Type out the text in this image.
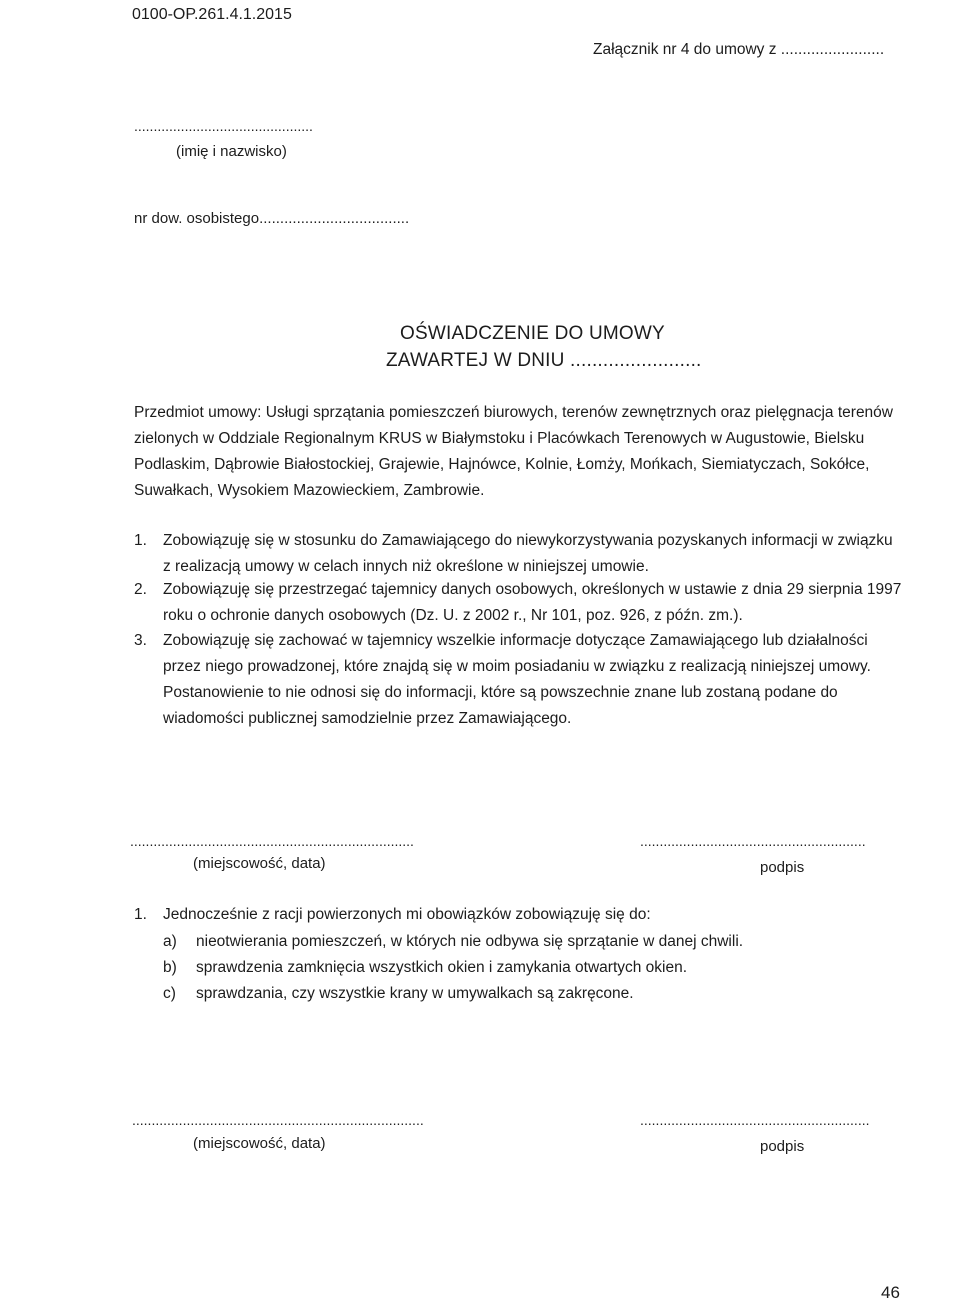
0100-OP.261.4.1.2015
Załącznik nr 4 do umowy z ........................
..............................................
(imię i nazwisko)
nr dow. osobistego....................................
OŚWIADCZENIE DO UMOWY
ZAWARTEJ W DNIU ........................
Przedmiot umowy: Usługi sprzątania pomieszczeń biurowych, terenów zewnętrznych oraz pielęgnacja terenów
zielonych w Oddziale Regionalnym KRUS w Białymstoku i Placówkach Terenowych w Augustowie, Bielsku
Podlaskim, Dąbrowie Białostockiej, Grajewie, Hajnówce, Kolnie, Łomży, Mońkach, Siemiatyczach, Sokółce,
Suwałkach, Wysokiem Mazowieckiem, Zambrowie.
1. Zobowiązuję się w stosunku do Zamawiającego do niewykorzystywania pozyskanych informacji w związku
z realizacją umowy w celach innych niż określone w niniejszej umowie.
2. Zobowiązuję się przestrzegać tajemnicy danych osobowych, określonych w ustawie z dnia 29 sierpnia 1997
roku o ochronie danych osobowych (Dz. U. z 2002 r., Nr 101, poz. 926, z późn. zm.).
3. Zobowiązuję się zachować w tajemnicy wszelkie informacje dotyczące Zamawiającego lub działalności
przez niego prowadzonej, które znajdą się w moim posiadaniu w związku z realizacją niniejszej umowy.
Postanowienie to nie odnosi się do informacji, które są powszechnie znane lub zostaną podane do
wiadomości publicznej samodzielnie przez Zamawiającego.
.........................................................................	..........................................................
(miejscowość, data)	podpis
1. Jednocześnie z racji powierzonych mi obowiązków zobowiązuję się do:
a) nieotwierania pomieszczeń, w których nie odbywa się sprzątanie w danej chwili.
b) sprawdzenia zamknięcia wszystkich okien i zamykania otwartych okien.
c) sprawdzania, czy wszystkie krany w umywalkach są zakręcone.
...........................................................................	...........................................................
(miejscowość, data)	podpis
46
